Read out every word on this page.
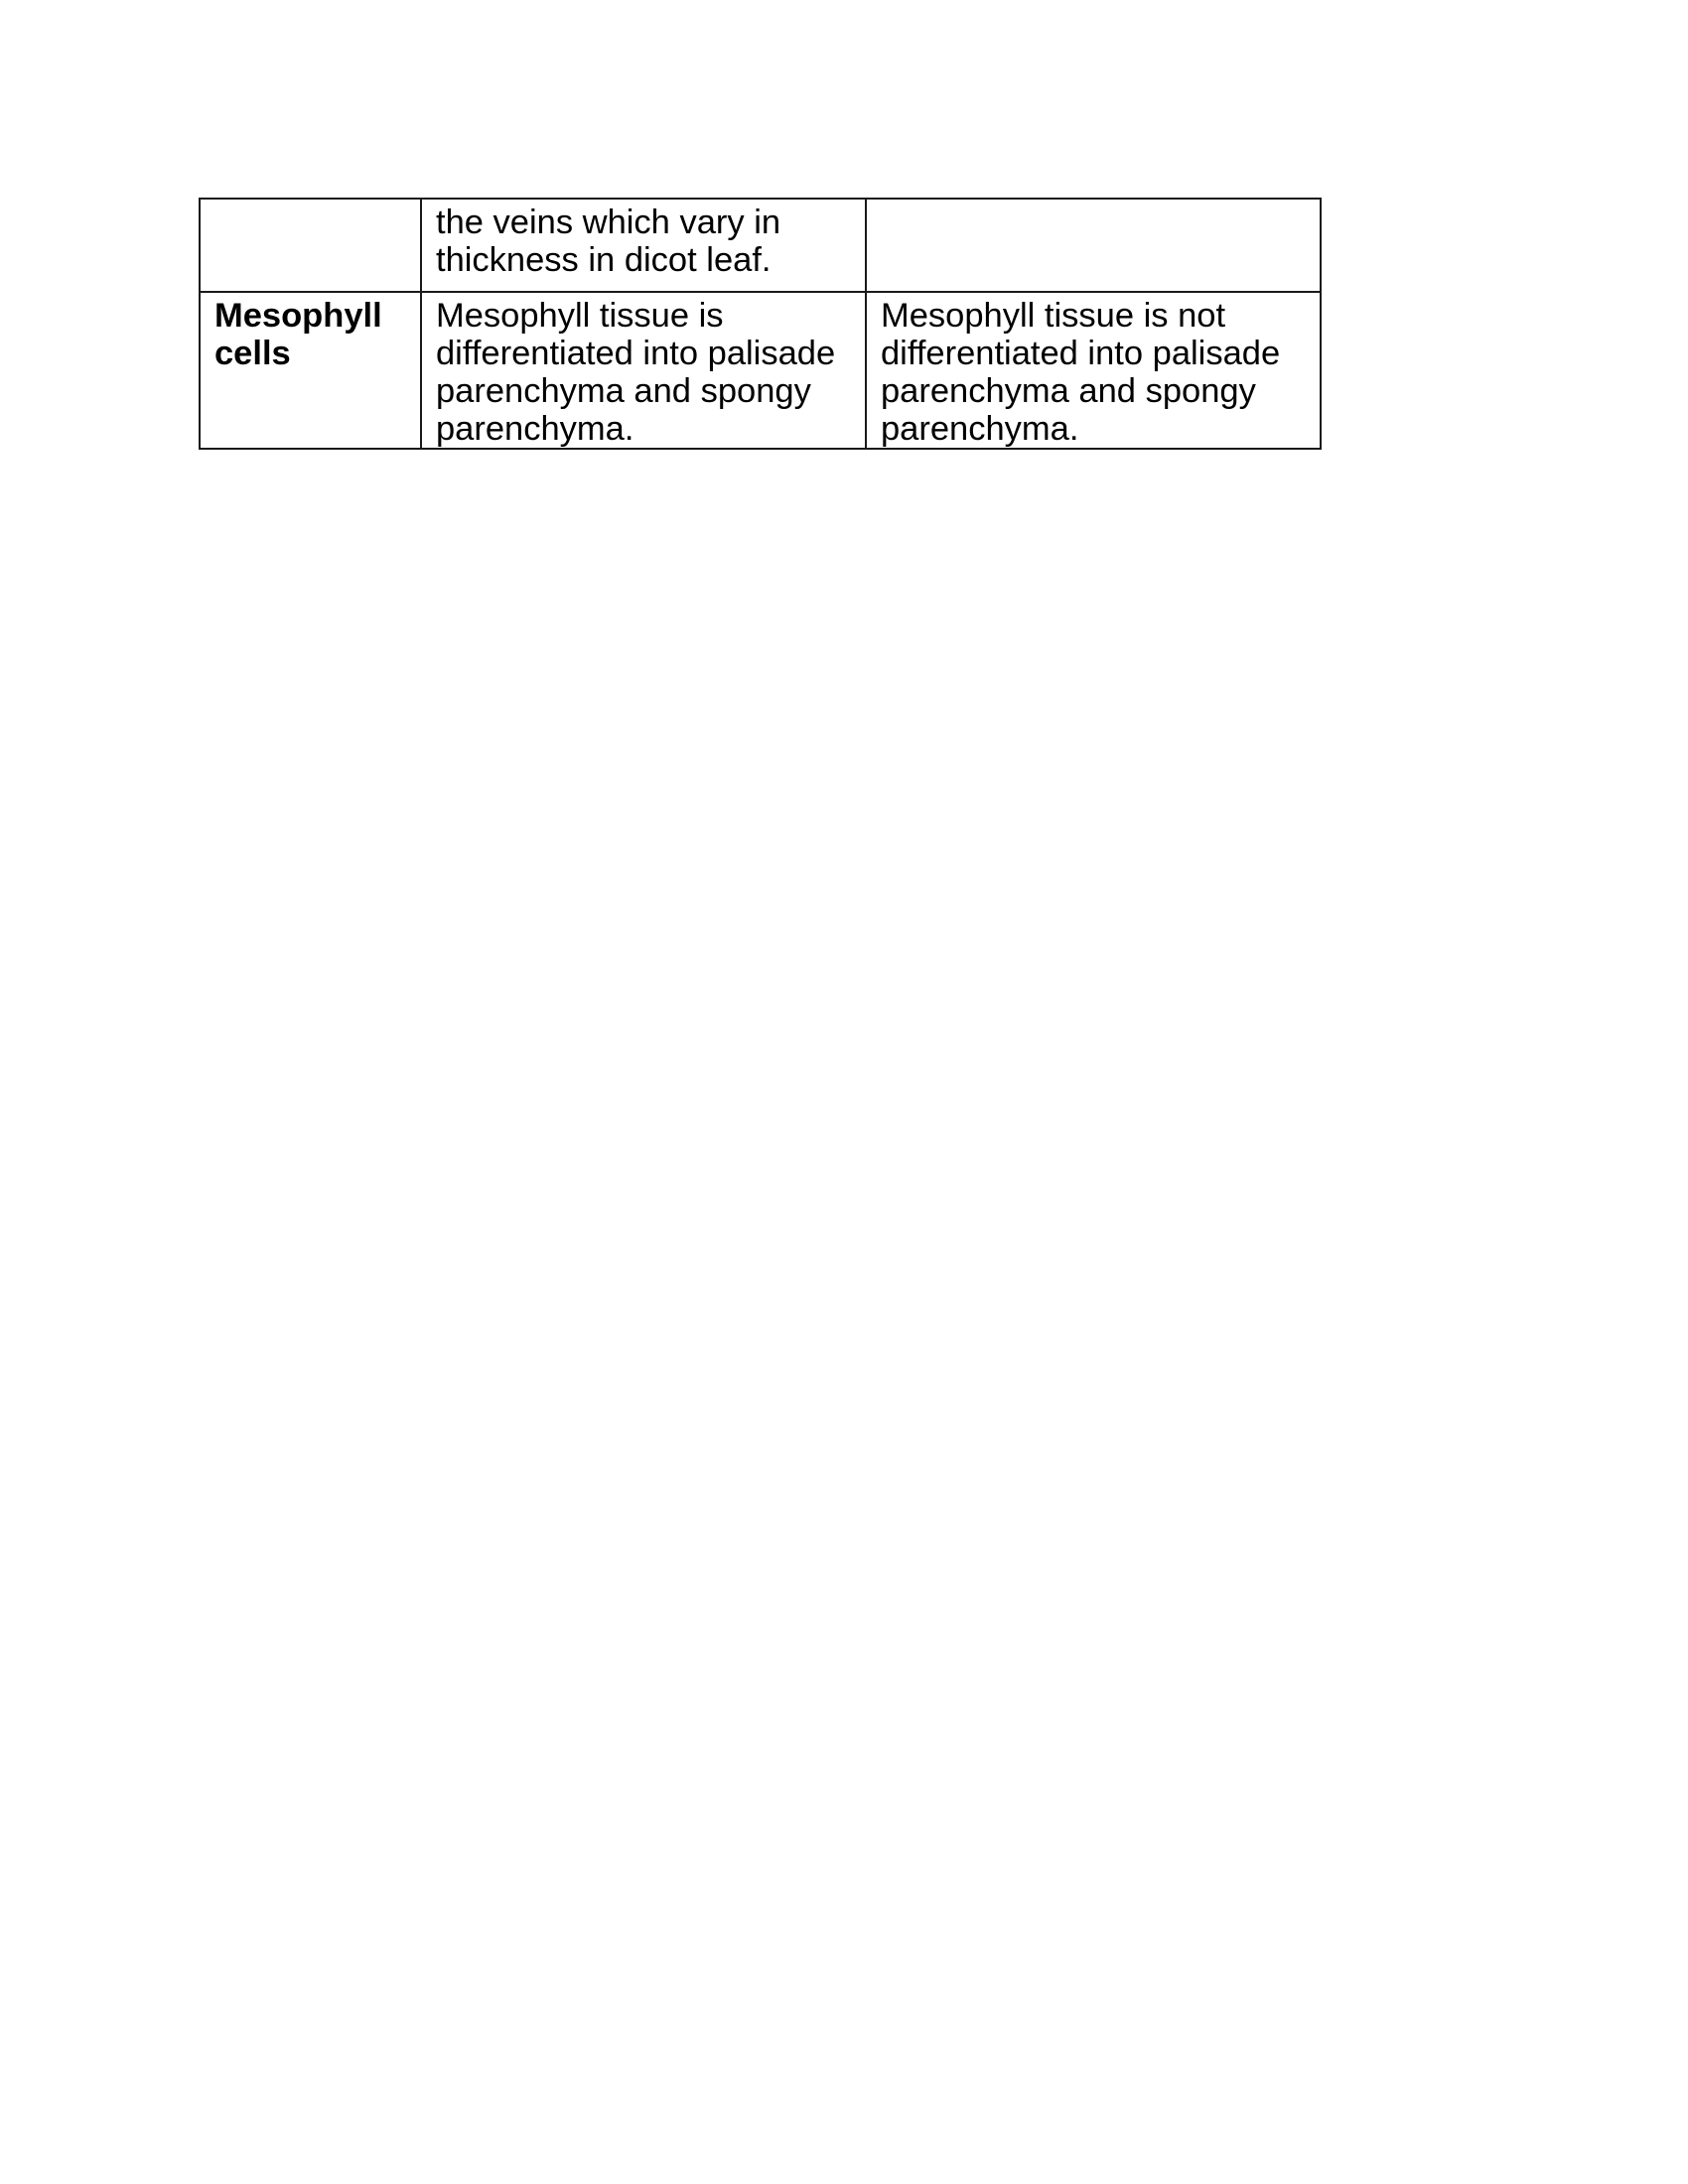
	the veins which vary in thickness in dicot leaf.	
Mesophyll cells	Mesophyll tissue is differentiated into palisade parenchyma and spongy parenchyma.	Mesophyll tissue is not differentiated into palisade parenchyma and spongy parenchyma.
